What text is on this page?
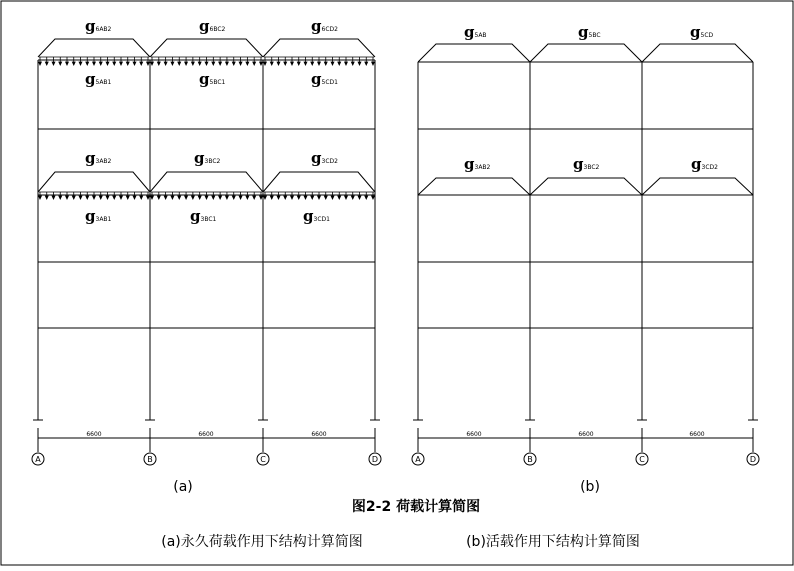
A	B	C	D	A	B	C	D
6600	6600	6600	6600	6600	6600
g6AB2	g6BC2	g6CD2
g5AB1	g5BC1	g5CD1
g3AB2	g3BC2	g3CD2
g3AB1	g3BC1	g3CD1
g5AB	g5BC	g5CD
g3AB2	g3BC2	g3CD2
(a)	(b)
图2-2 荷载计算简图
(a)永久荷载作用下结构计算简图	(b)活载作用下结构计算简图
